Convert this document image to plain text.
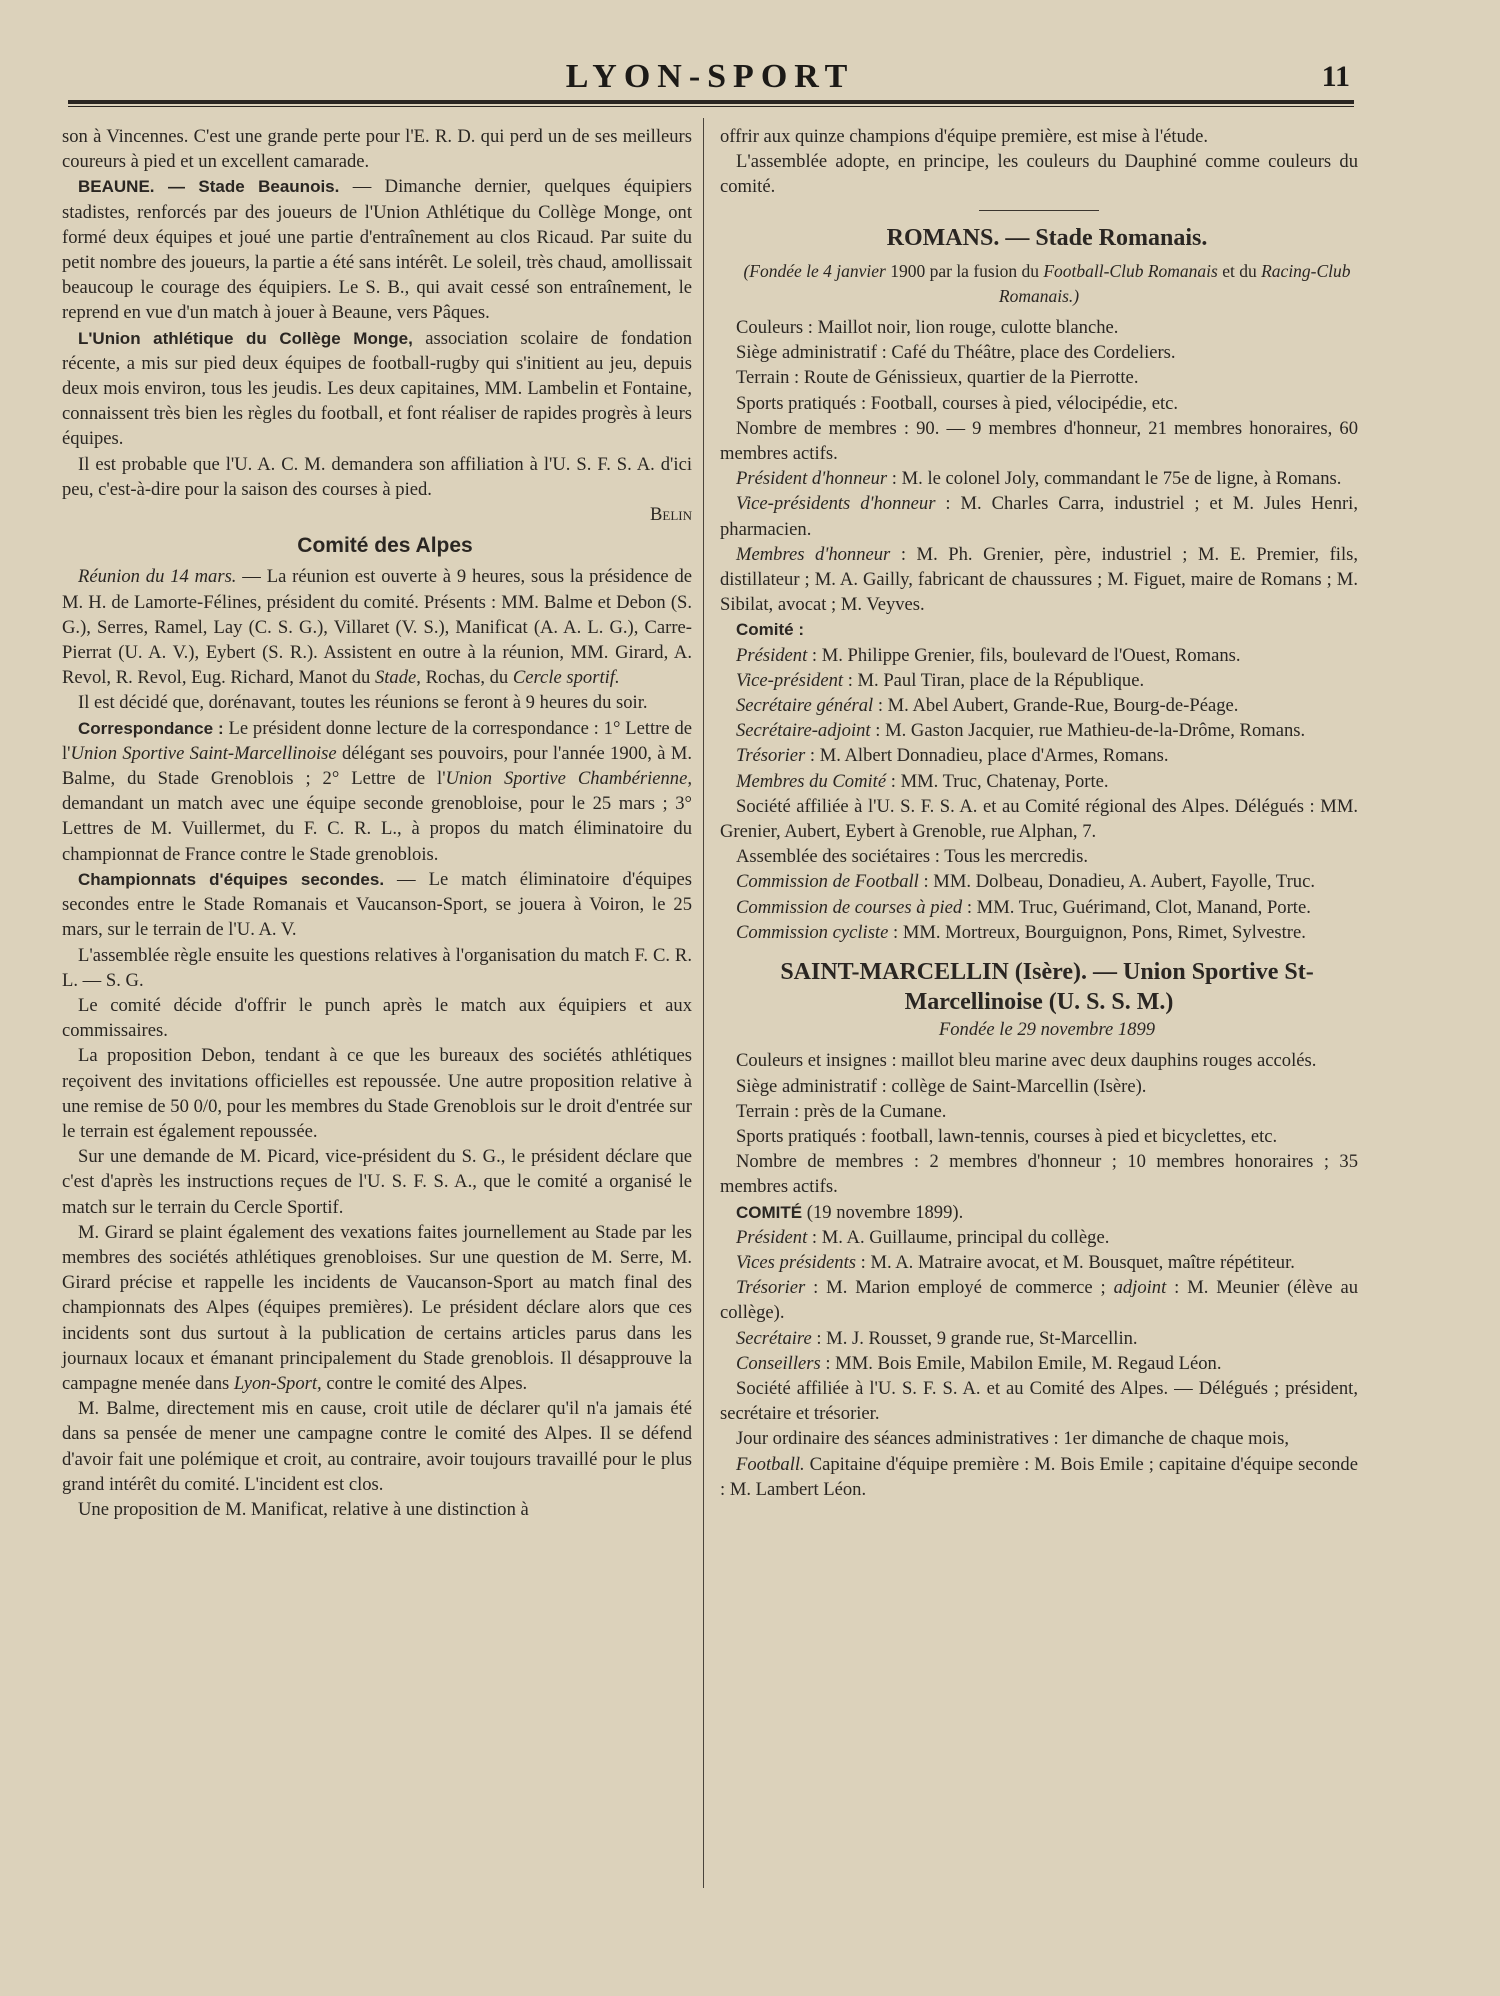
LYON-SPORT	11

son à Vincennes. C'est une grande perte pour l'E. R. D. qui perd un de ses meilleurs coureurs à pied et un excellent camarade.

BEAUNE. — Stade Beaunois. — Dimanche dernier, quelques équipiers stadistes, renforcés par des joueurs de l'Union Athlétique du Collège Monge, ont formé deux équipes et joué une partie d'entraînement au clos Ricaud. Par suite du petit nombre des joueurs, la partie a été sans intérêt. Le soleil, très chaud, amollissait beaucoup le courage des équipiers. Le S. B., qui avait cessé son entraînement, le reprend en vue d'un match à jouer à Beaune, vers Pâques.

L'Union athlétique du Collège Monge, association scolaire de fondation récente, a mis sur pied deux équipes de football-rugby qui s'initient au jeu, depuis deux mois environ, tous les jeudis. Les deux capitaines, MM. Lambelin et Fontaine, connaissent très bien les règles du football, et font réaliser de rapides progrès à leurs équipes.

Il est probable que l'U. A. C. M. demandera son affiliation à l'U. S. F. S. A. d'ici peu, c'est-à-dire pour la saison des courses à pied.

Belin

Comité des Alpes

Réunion du 14 mars. — La réunion est ouverte à 9 heures, sous la présidence de M. H. de Lamorte-Félines, président du comité. Présents : MM. Balme et Debon (S. G.), Serres, Ramel, Lay (C. S. G.), Villaret (V. S.), Manificat (A. A. L. G.), Carre-Pierrat (U. A. V.), Eybert (S. R.). Assistent en outre à la réunion, MM. Girard, A. Revol, R. Revol, Eug. Richard, Manot du Stade, Rochas, du Cercle sportif.

Il est décidé que, dorénavant, toutes les réunions se feront à 9 heures du soir.

Correspondance : Le président donne lecture de la correspondance : 1° Lettre de l'Union Sportive Saint-Marcellinoise délégant ses pouvoirs, pour l'année 1900, à M. Balme, du Stade Grenoblois ; 2° Lettre de l'Union Sportive Chambérienne, demandant un match avec une équipe seconde grenobloise, pour le 25 mars ; 3° Lettres de M. Vuillermet, du F. C. R. L., à propos du match éliminatoire du championnat de France contre le Stade grenoblois.

Championnats d'équipes secondes. — Le match éliminatoire d'équipes secondes entre le Stade Romanais et Vaucanson-Sport, se jouera à Voiron, le 25 mars, sur le terrain de l'U. A. V.

L'assemblée règle ensuite les questions relatives à l'organisation du match F. C. R. L. — S. G.

Le comité décide d'offrir le punch après le match aux équipiers et aux commissaires.

La proposition Debon, tendant à ce que les bureaux des sociétés athlétiques reçoivent des invitations officielles est repoussée. Une autre proposition relative à une remise de 50 0/0, pour les membres du Stade Grenoblois sur le droit d'entrée sur le terrain est également repoussée.

Sur une demande de M. Picard, vice-président du S. G., le président déclare que c'est d'après les instructions reçues de l'U. S. F. S. A., que le comité a organisé le match sur le terrain du Cercle Sportif.

M. Girard se plaint également des vexations faites journellement au Stade par les membres des sociétés athlétiques grenobloises. Sur une question de M. Serre, M. Girard précise et rappelle les incidents de Vaucanson-Sport au match final des championnats des Alpes (équipes premières). Le président déclare alors que ces incidents sont dus surtout à la publication de certains articles parus dans les journaux locaux et émanant principalement du Stade grenoblois. Il désapprouve la campagne menée dans Lyon-Sport, contre le comité des Alpes.

M. Balme, directement mis en cause, croit utile de déclarer qu'il n'a jamais été dans sa pensée de mener une campagne contre le comité des Alpes. Il se défend d'avoir fait une polémique et croit, au contraire, avoir toujours travaillé pour le plus grand intérêt du comité. L'incident est clos.

Une proposition de M. Manificat, relative à une distinction à

offrir aux quinze champions d'équipe première, est mise à l'étude.

L'assemblée adopte, en principe, les couleurs du Dauphiné comme couleurs du comité.

ROMANS. — Stade Romanais.

(Fondée le 4 janvier 1900 par la fusion du Football-Club Romanais et du Racing-Club Romanais.)

Couleurs : Maillot noir, lion rouge, culotte blanche.

Siège administratif : Café du Théâtre, place des Cordeliers.

Terrain : Route de Génissieux, quartier de la Pierrotte.

Sports pratiqués : Football, courses à pied, vélocipédie, etc.

Nombre de membres : 90. — 9 membres d'honneur, 21 membres honoraires, 60 membres actifs.

Président d'honneur : M. le colonel Joly, commandant le 75e de ligne, à Romans.

Vice-présidents d'honneur : M. Charles Carra, industriel ; et M. Jules Henri, pharmacien.

Membres d'honneur : M. Ph. Grenier, père, industriel ; M. E. Premier, fils, distillateur ; M. A. Gailly, fabricant de chaussures ; M. Figuet, maire de Romans ; M. Sibilat, avocat ; M. Veyves.

Comité :

Président : M. Philippe Grenier, fils, boulevard de l'Ouest, Romans.

Vice-président : M. Paul Tiran, place de la République.

Secrétaire général : M. Abel Aubert, Grande-Rue, Bourg-de-Péage.

Secrétaire-adjoint : M. Gaston Jacquier, rue Mathieu-de-la-Drôme, Romans.

Trésorier : M. Albert Donnadieu, place d'Armes, Romans.

Membres du Comité : MM. Truc, Chatenay, Porte.

Société affiliée à l'U. S. F. S. A. et au Comité régional des Alpes. Délégués : MM. Grenier, Aubert, Eybert à Grenoble, rue Alphan, 7.

Assemblée des sociétaires : Tous les mercredis.

Commission de Football : MM. Dolbeau, Donadieu, A. Aubert, Fayolle, Truc.

Commission de courses à pied : MM. Truc, Guérimand, Clot, Manand, Porte.

Commission cycliste : MM. Mortreux, Bourguignon, Pons, Rimet, Sylvestre.

SAINT-MARCELLIN (Isère). — Union Sportive St-Marcellinoise (U. S. S. M.)

Fondée le 29 novembre 1899

Couleurs et insignes : maillot bleu marine avec deux dauphins rouges accolés.

Siège administratif : collège de Saint-Marcellin (Isère).

Terrain : près de la Cumane.

Sports pratiqués : football, lawn-tennis, courses à pied et bicyclettes, etc.

Nombre de membres : 2 membres d'honneur ; 10 membres honoraires ; 35 membres actifs.

COMITÉ (19 novembre 1899).

Président : M. A. Guillaume, principal du collège.

Vices présidents : M. A. Matraire avocat, et M. Bousquet, maître répétiteur.

Trésorier : M. Marion employé de commerce ; adjoint : M. Meunier (élève au collège).

Secrétaire : M. J. Rousset, 9 grande rue, St-Marcellin.

Conseillers : MM. Bois Emile, Mabilon Emile, M. Regaud Léon.

Société affiliée à l'U. S. F. S. A. et au Comité des Alpes. — Délégués ; président, secrétaire et trésorier.

Jour ordinaire des séances administratives : 1er dimanche de chaque mois,

Football. Capitaine d'équipe première : M. Bois Emile ; capitaine d'équipe seconde : M. Lambert Léon.
